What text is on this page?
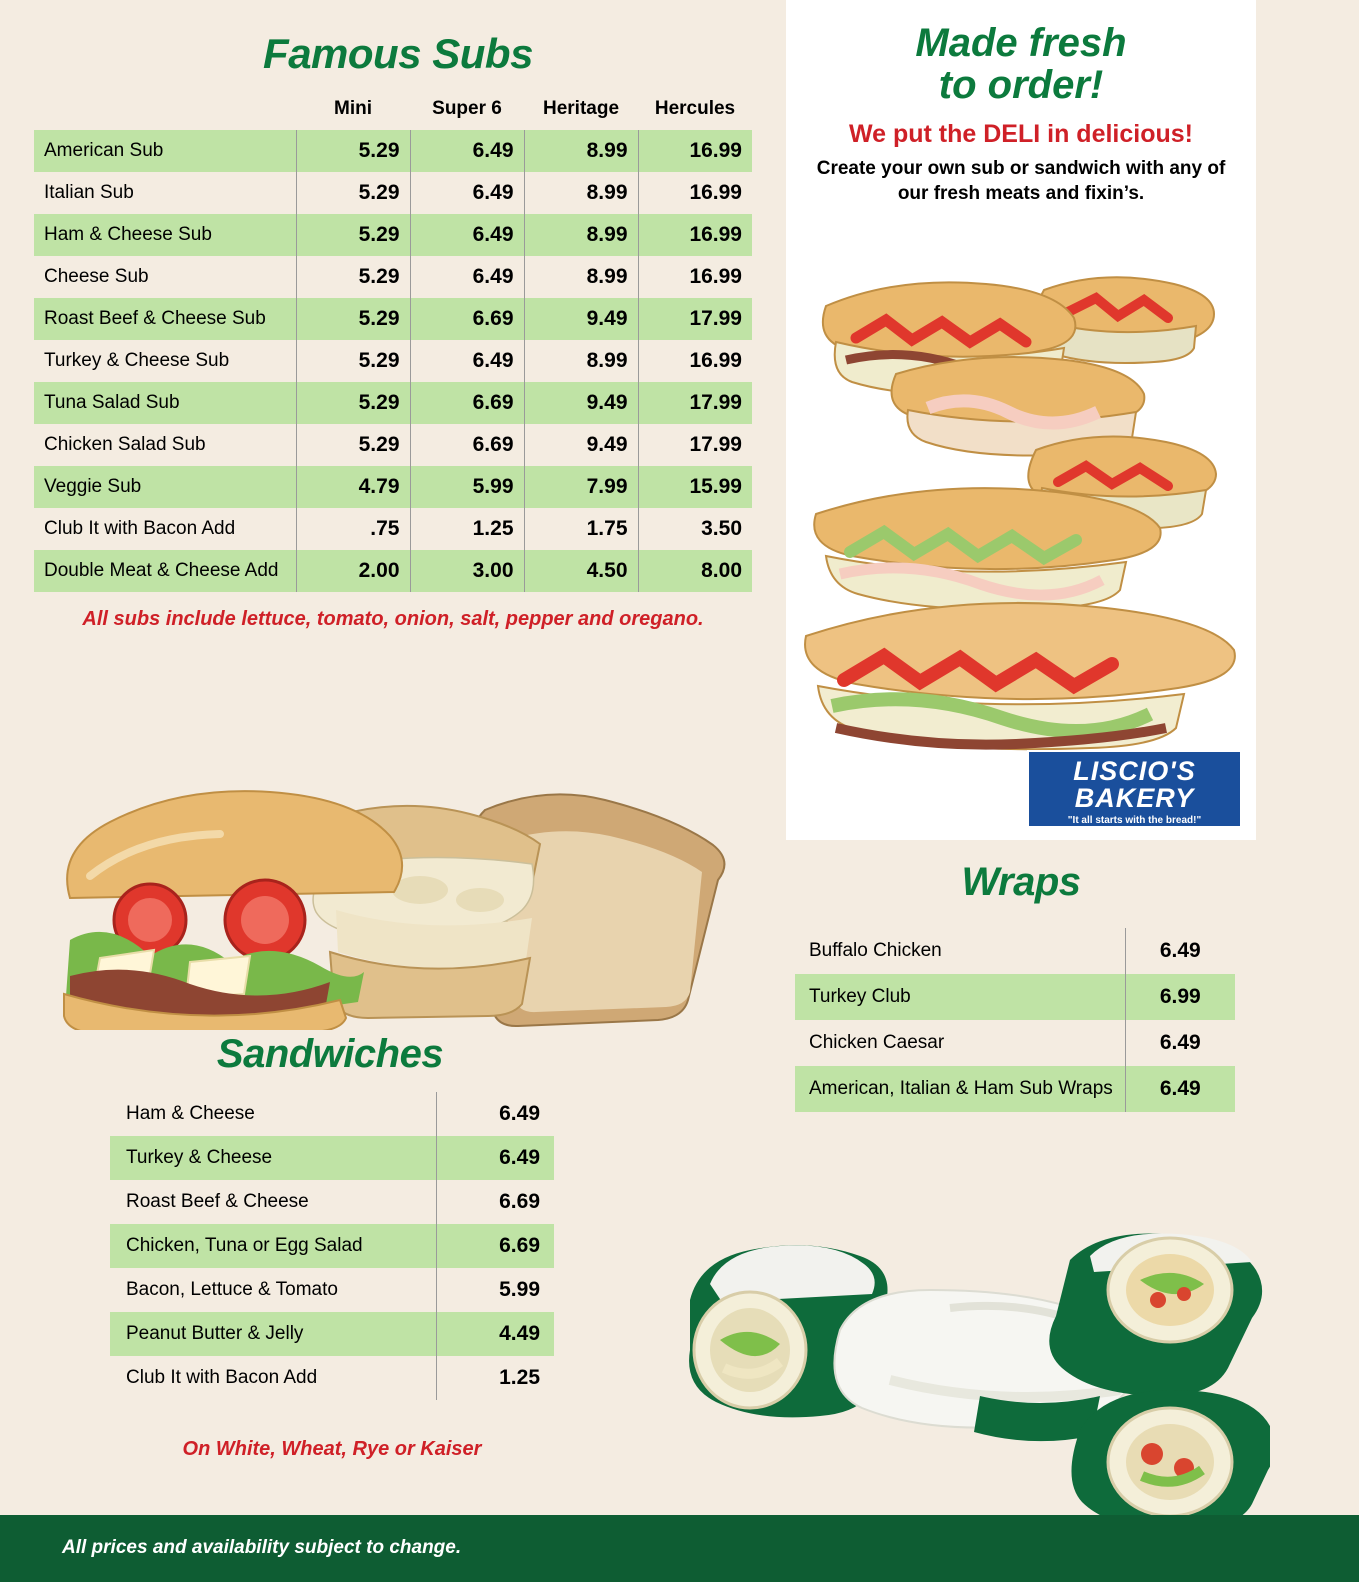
Famous Subs
	Mini	Super 6	Heritage	Hercules
American Sub	5.29	6.49	8.99	16.99
Italian Sub	5.29	6.49	8.99	16.99
Ham & Cheese Sub	5.29	6.49	8.99	16.99
Cheese Sub	5.29	6.49	8.99	16.99
Roast Beef & Cheese Sub	5.29	6.69	9.49	17.99
Turkey & Cheese Sub	5.29	6.49	8.99	16.99
Tuna Salad Sub	5.29	6.69	9.49	17.99
Chicken Salad Sub	5.29	6.69	9.49	17.99
Veggie Sub	4.79	5.99	7.99	15.99
Club It with Bacon Add	.75	1.25	1.75	3.50
Double Meat & Cheese Add	2.00	3.00	4.50	8.00
All subs include lettuce, tomato, onion, salt, pepper and oregano.
Sandwiches
Ham & Cheese	6.49
Turkey & Cheese	6.49
Roast Beef & Cheese	6.69
Chicken, Tuna or Egg Salad	6.69
Bacon, Lettuce & Tomato	5.99
Peanut Butter & Jelly	4.49
Club It with Bacon Add	1.25
On White, Wheat, Rye or Kaiser
Made fresh
to order!
We put the DELI in delicious!
Create your own sub or sandwich with any of our fresh meats and fixin’s.
LISCIO'S
BAKERY
"It all starts with the bread!"
Wraps
Buffalo Chicken	6.49
Turkey Club	6.99
Chicken Caesar	6.49
American, Italian & Ham Sub Wraps	6.49
All prices and availability subject to change.
